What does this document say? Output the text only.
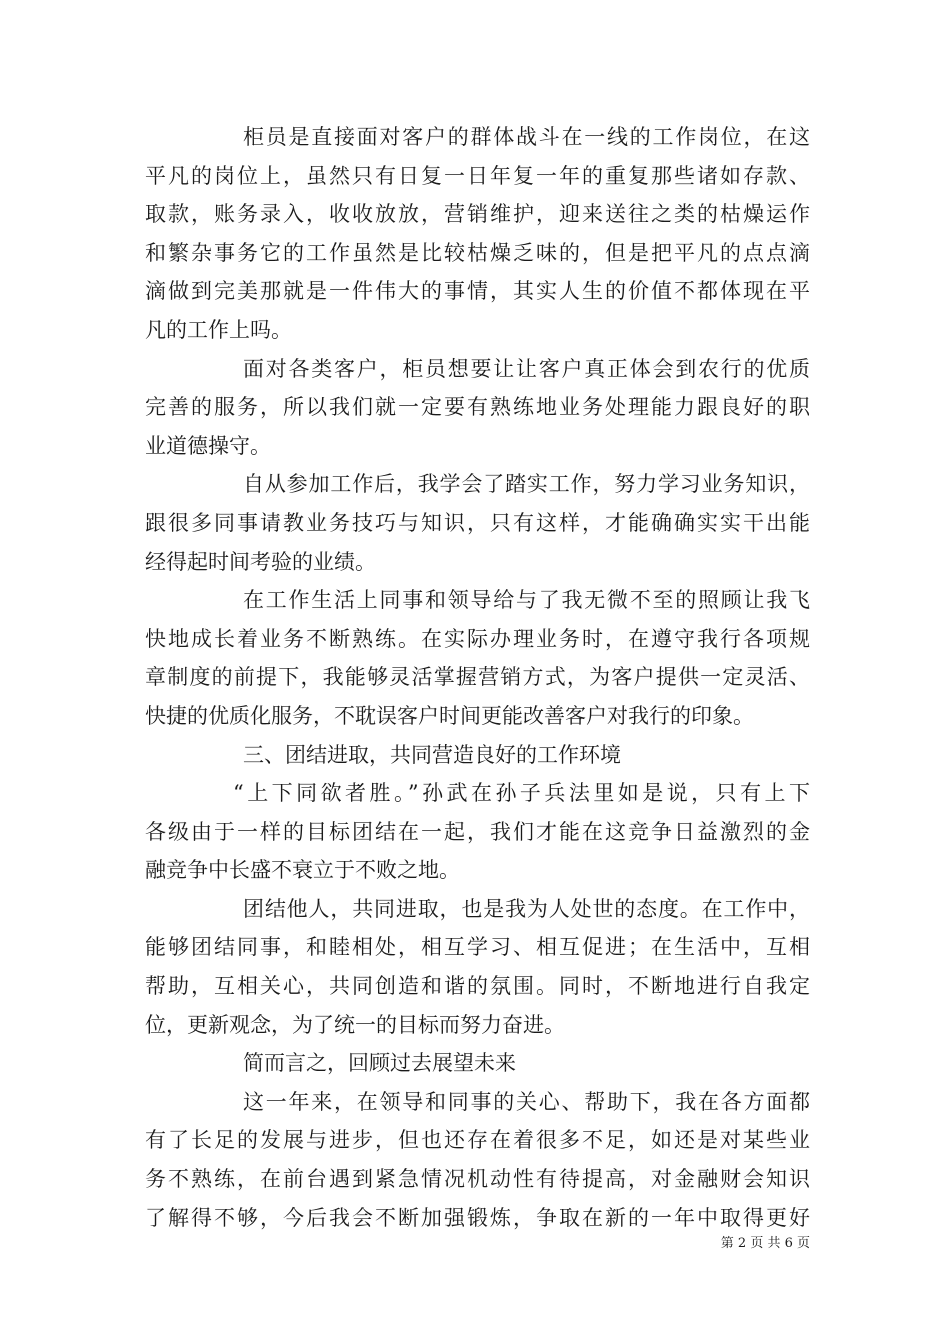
柜员是直接面对客户的群体战斗在一线的工作岗位，在这
平凡的岗位上，虽然只有日复一日年复一年的重复那些诸如存款、
取款，账务录入，收收放放，营销维护，迎来送往之类的枯燥运作
和繁杂事务它的工作虽然是比较枯燥乏味的，但是把平凡的点点滴
滴做到完美那就是一件伟大的事情，其实人生的价值不都体现在平
凡的工作上吗。
面对各类客户，柜员想要让让客户真正体会到农行的优质
完善的服务，所以我们就一定要有熟练地业务处理能力跟良好的职
业道德操守。
自从参加工作后，我学会了踏实工作，努力学习业务知识，
跟很多同事请教业务技巧与知识，只有这样，才能确确实实干出能
经得起时间考验的业绩。
在工作生活上同事和领导给与了我无微不至的照顾让我飞
快地成长着业务不断熟练。在实际办理业务时，在遵守我行各项规
章制度的前提下，我能够灵活掌握营销方式，为客户提供一定灵活、
快捷的优质化服务，不耽误客户时间更能改善客户对我行的印象。
三、团结进取，共同营造良好的工作环境
“上下同欲者胜。”孙武在孙子兵法里如是说，只有上下
各级由于一样的目标团结在一起，我们才能在这竞争日益激烈的金
融竞争中长盛不衰立于不败之地。
团结他人，共同进取，也是我为人处世的态度。在工作中，
能够团结同事，和睦相处，相互学习、相互促进；在生活中，互相
帮助，互相关心，共同创造和谐的氛围。同时，不断地进行自我定
位，更新观念，为了统一的目标而努力奋进。
简而言之，回顾过去展望未来
这一年来，在领导和同事的关心、帮助下，我在各方面都
有了长足的发展与进步，但也还存在着很多不足，如还是对某些业
务不熟练，在前台遇到紧急情况机动性有待提高，对金融财会知识
了解得不够，今后我会不断加强锻炼，争取在新的一年中取得更好
第 2 页 共 6 页
